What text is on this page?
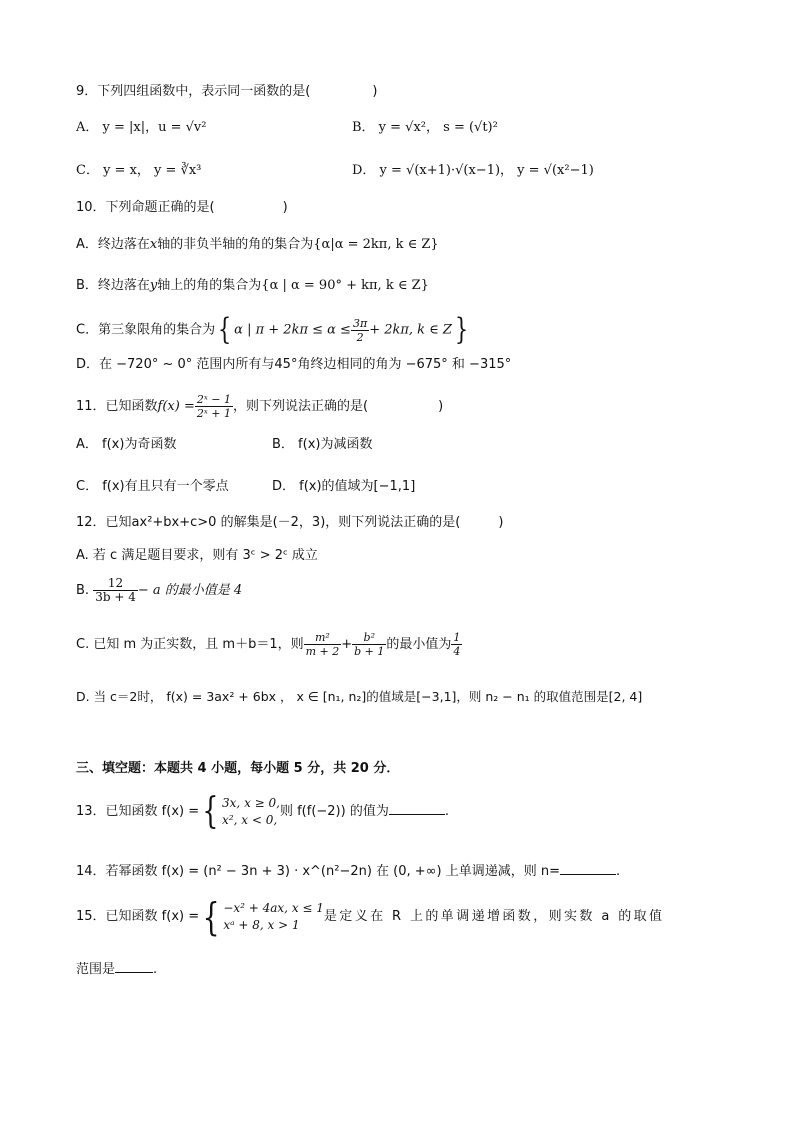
9．下列四组函数中，表示同一函数的是(	)
A． y = |x|，u = √v²	B． y = √x²， s = (√t)²
C． y = x， y = ∛x³	D． y = √(x+1)·√(x−1)， y = √(x²−1)
10．下列命题正确的是(	)
A．终边落在x轴的非负半轴的角的集合为{α|α = 2kπ, k ∈ Z}
B．终边落在y轴上的角的集合为{α | α = 90° + kπ, k ∈ Z}
C．第三象限角的集合为{ α | $\pi + 2k\pi \le \alpha \le \frac{3\pi}{2} + 2k\pi$, k ∈ Z}
D．在 −720° ~ 0° 范围内所有与45°角终边相同的角为 −675° 和 −315°
11．已知函数$f(x) = \frac{\text{2ˣ − 1}}{\text{2ˣ + 1}}$ ，则下列说法正确的是(	)
A． f(x)为奇函数	B． f(x)为减函数
C． f(x)有且只有一个零点	D． f(x)的值域为[−1,1]
12．已知ax²+bx+c>0 的解集是(－2，3)，则下列说法正确的是(	)
A. 若 c 满足题目要求，则有 3ᶜ > 2ᶜ 成立
B. $\frac{12}{3b + 4} - a$ 的最小值是 4
C. 已知 m 为正实数，且 m＋b＝1，则 $\frac{\text{m²}}{m + 2} + \frac{\text{b²}}{b + 1}$ 的最小值为 $\frac{1}{4}$
D. 当 c＝2时， f(x) = 3ax² + 6bx ， x ∈ [n₁, n₂]的值域是[−3,1]，则 n₂ − n₁ 的取值范围是[2, 4]
三、填空题：本题共 4 小题，每小题 5 分，共 20 分．
13．已知函数 f(x) ={ 3x, x ≥ 0,
x², x < 0,
则 f(f(−2)) 的值为	.
14．若幂函数 f(x) = (n² − 3n + 3) · x^(n²−2n) 在 (0, +∞) 上单调递减，则 n=	.
15．已知函数 f(x) ={ −x² + 4ax, x ≤ 1
xᵃ + 8, x > 1
是定义在 R 上的单调递增函数，则实数 a 的取值
范围是	.
